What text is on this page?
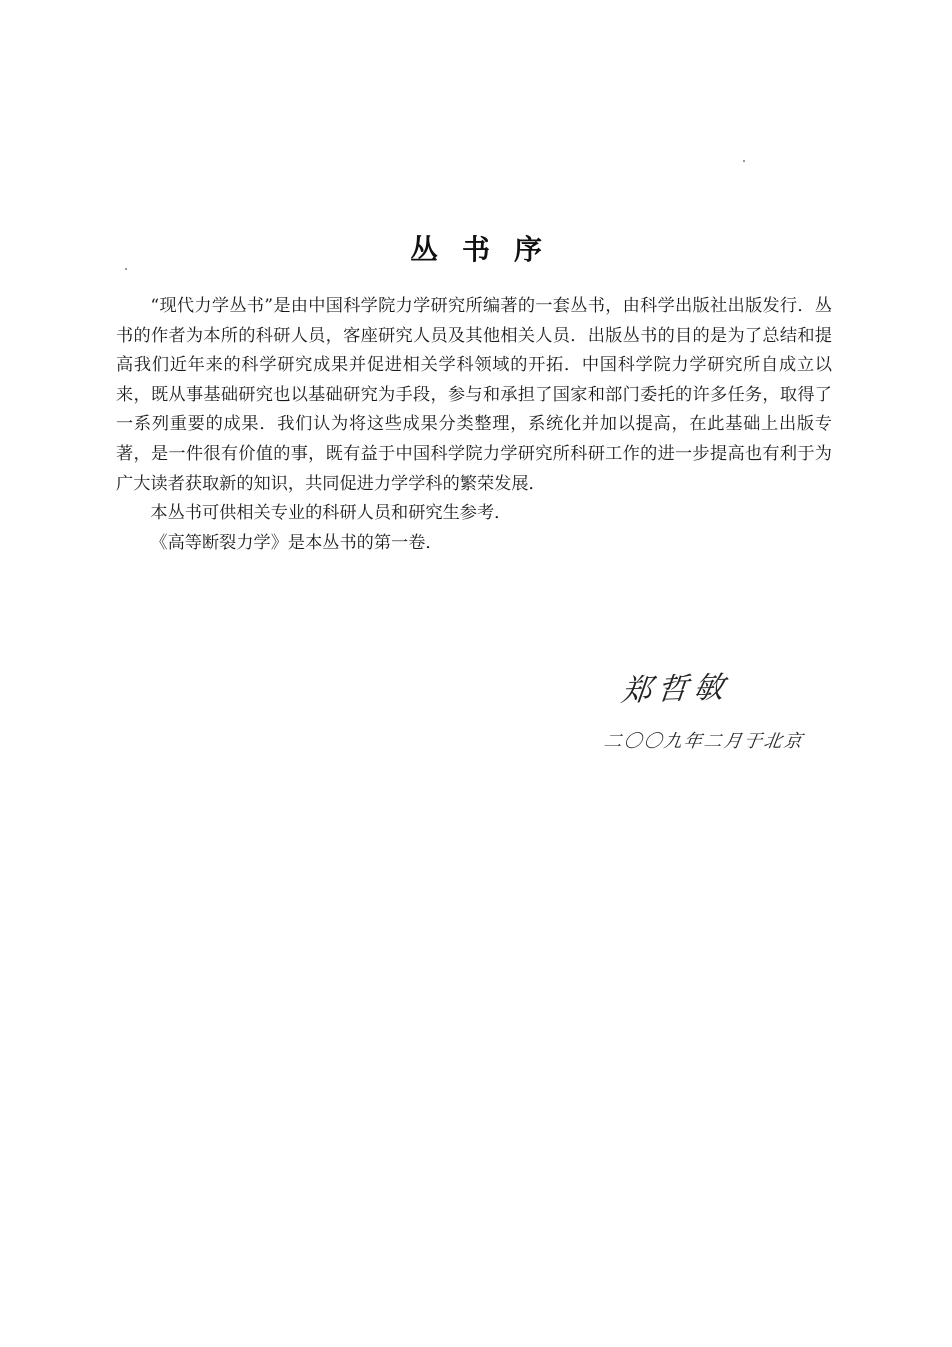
丛书序

“现代力学丛书”是由中国科学院力学研究所编著的一套丛书，由科学出版社出版发行．丛书的作者为本所的科研人员，客座研究人员及其他相关人员．出版丛书的目的是为了总结和提高我们近年来的科学研究成果并促进相关学科领域的开拓．中国科学院力学研究所自成立以来，既从事基础研究也以基础研究为手段，参与和承担了国家和部门委托的许多任务，取得了一系列重要的成果．我们认为将这些成果分类整理，系统化并加以提高，在此基础上出版专著，是一件很有价值的事，既有益于中国科学院力学研究所科研工作的进一步提高也有利于为广大读者获取新的知识，共同促进力学学科的繁荣发展．

本丛书可供相关专业的科研人员和研究生参考．

《高等断裂力学》是本丛书的第一卷．

郑哲敏
二〇〇九年二月于北京
